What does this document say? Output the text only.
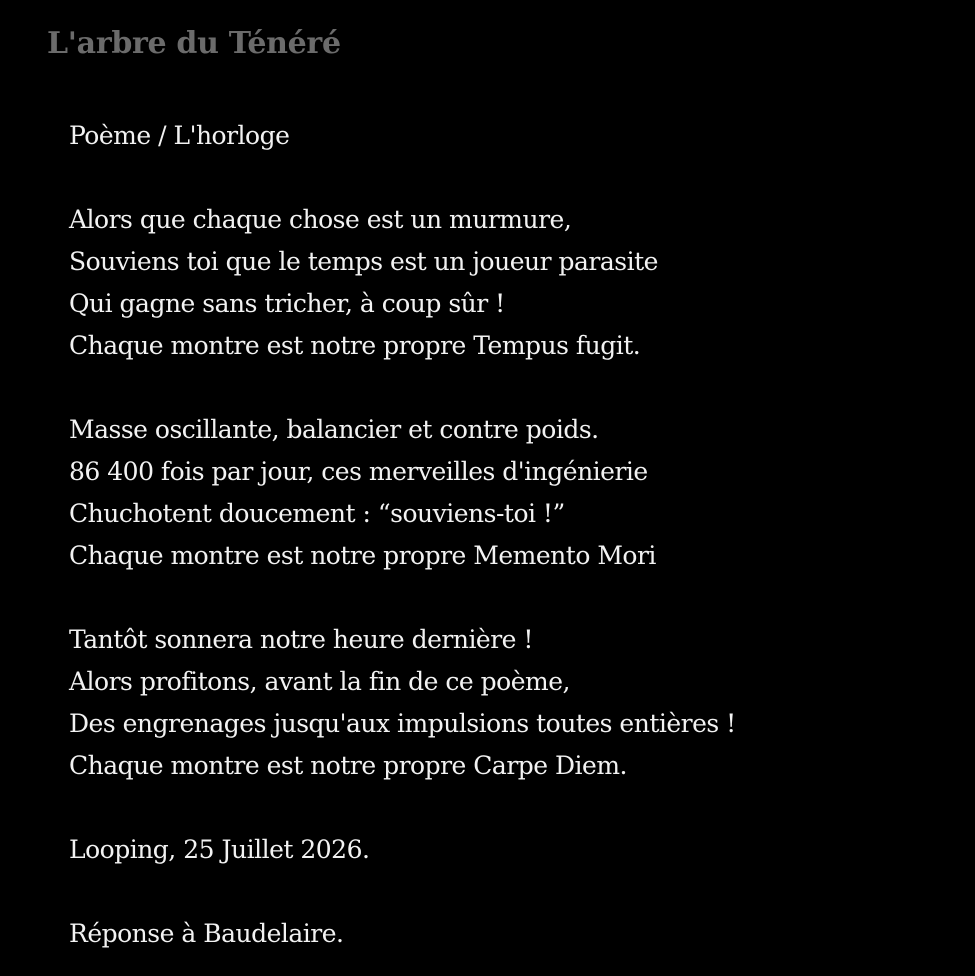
L'arbre du Ténéré
Poème / L'horloge
Alors que chaque chose est un murmure,
Souviens toi que le temps est un joueur parasite
Qui gagne sans tricher, à coup sûr !
Chaque montre est notre propre Tempus fugit.
Masse oscillante, balancier et contre poids.
86 400 fois par jour, ces merveilles d'ingénierie
Chuchotent doucement : “souviens-toi !”
Chaque montre est notre propre Memento Mori
Tantôt sonnera notre heure dernière !
Alors profitons, avant la fin de ce poème,
Des engrenages jusqu'aux impulsions toutes entières !
Chaque montre est notre propre Carpe Diem.
Looping, 25 Juillet 2026.
Réponse à Baudelaire.
